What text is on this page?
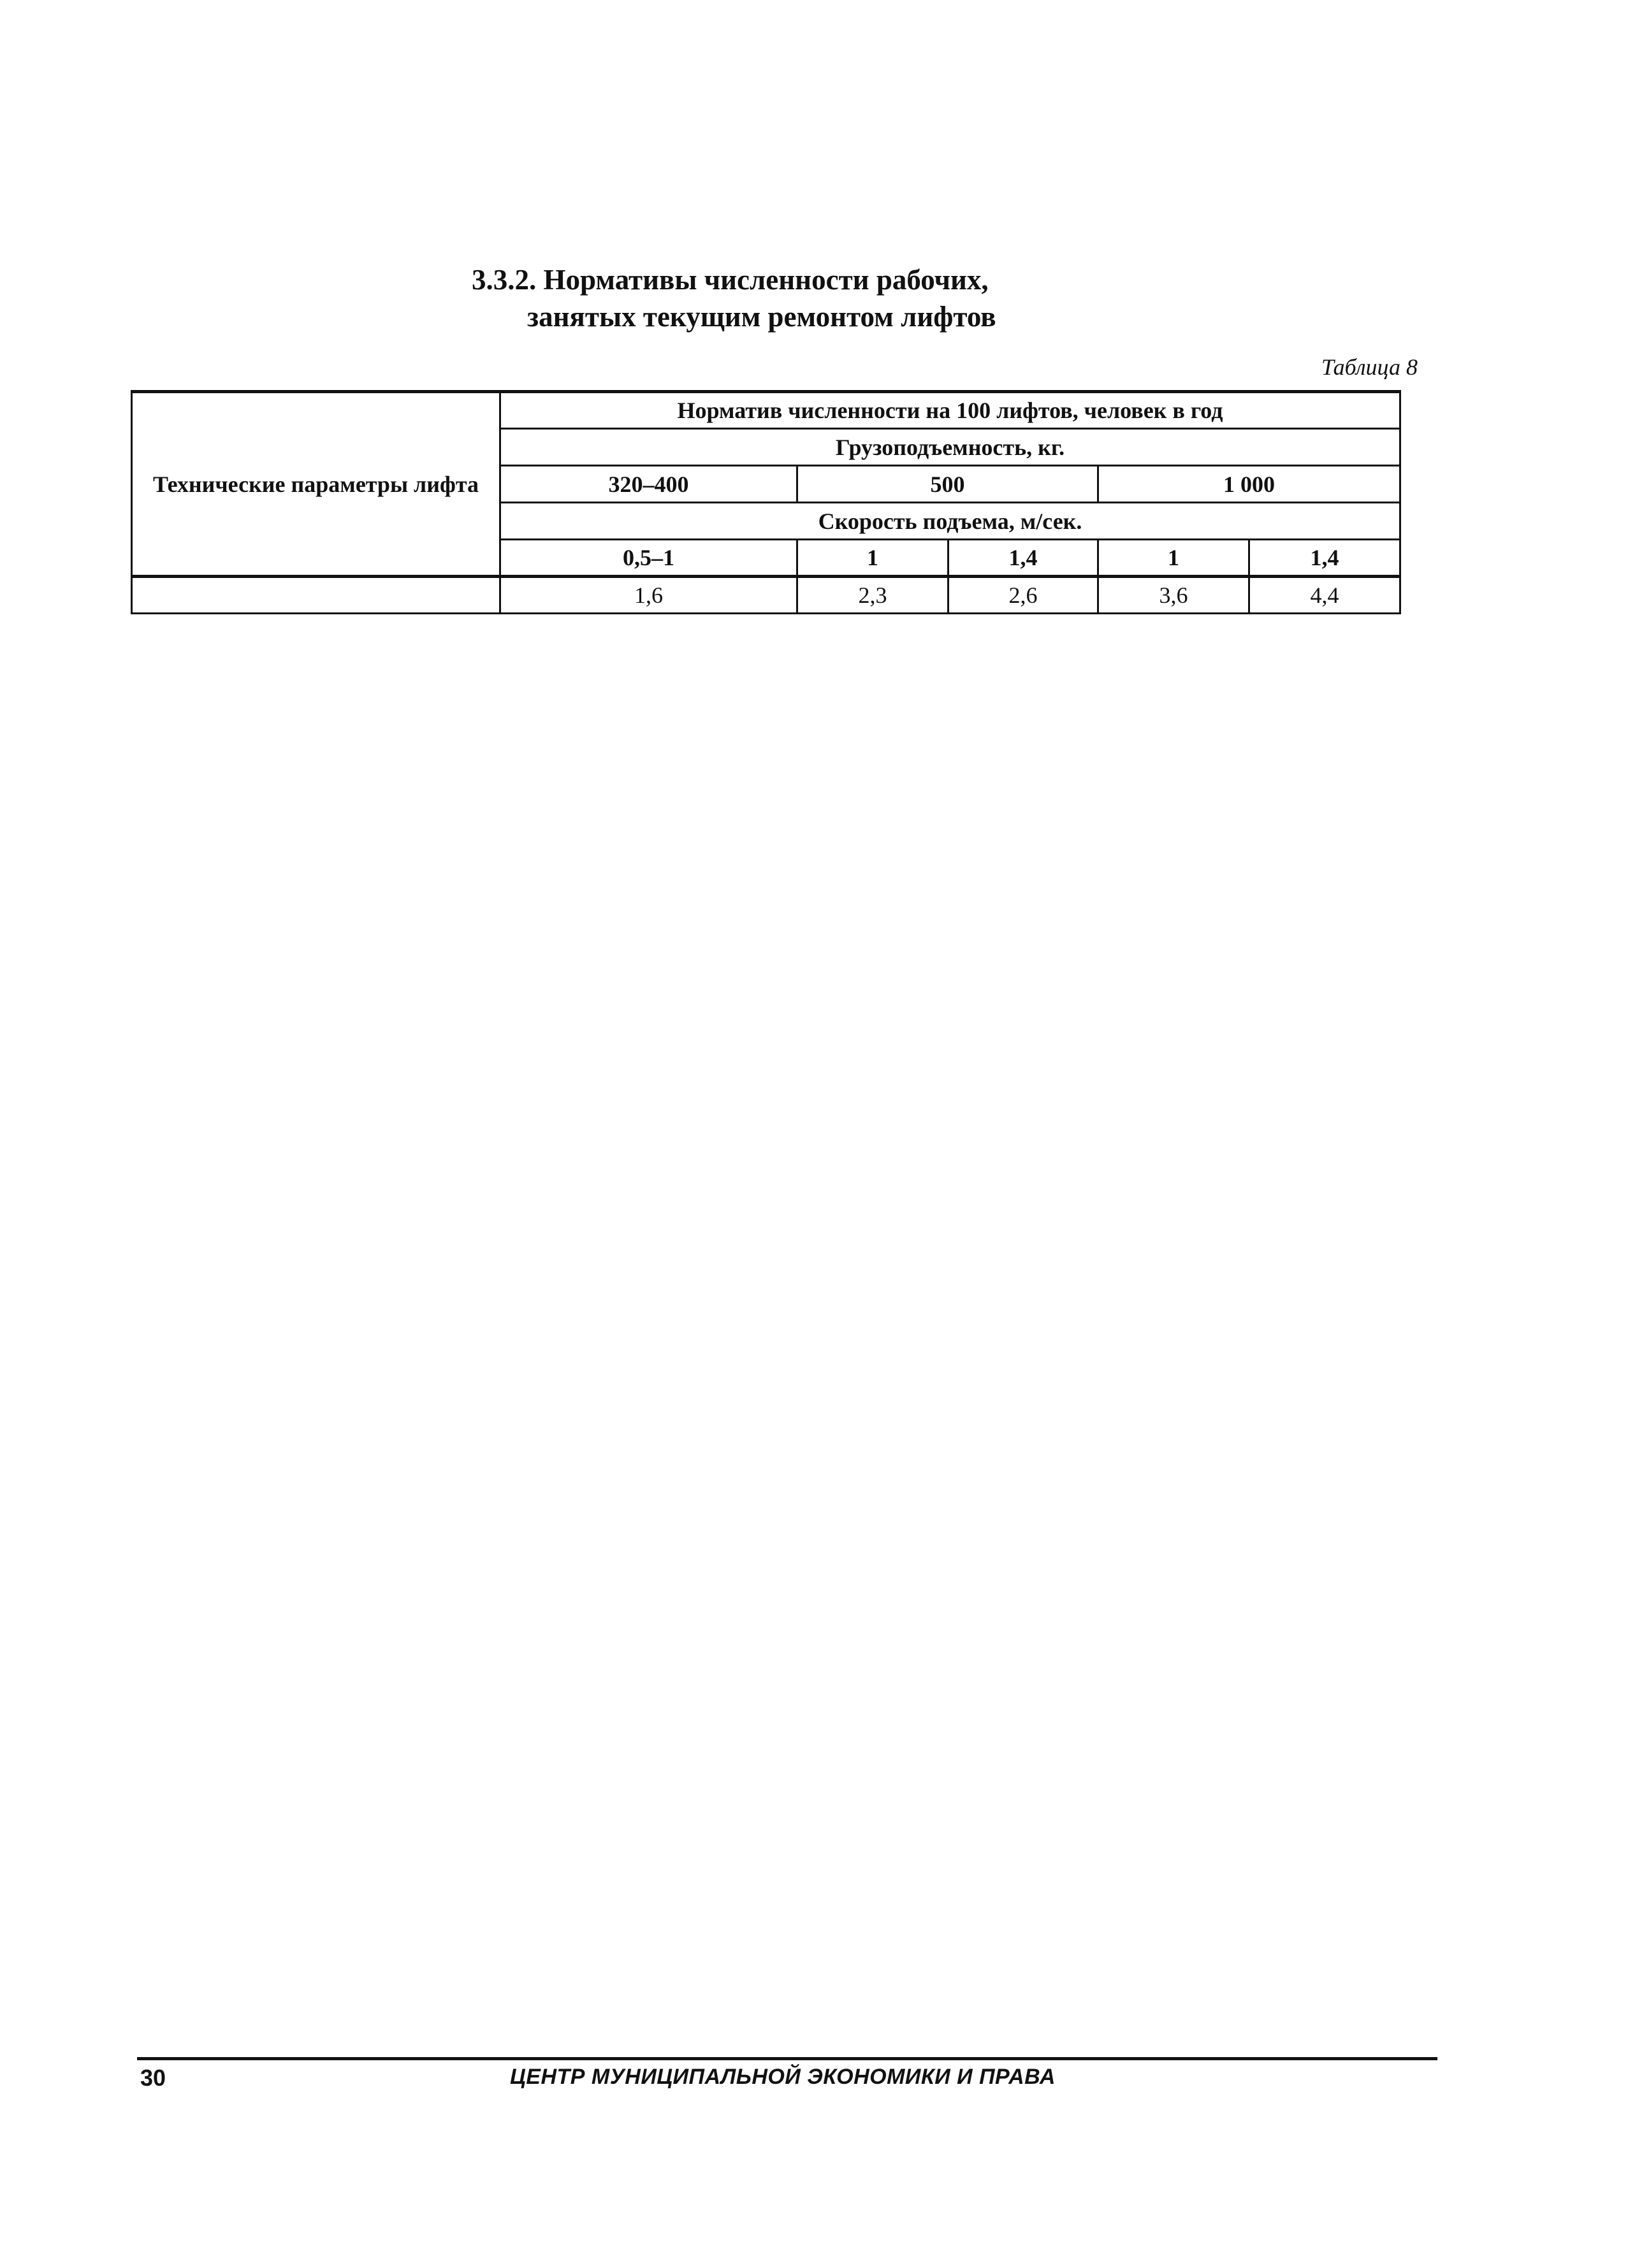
3.3.2. Нормативы численности рабочих,
занятых текущим ремонтом лифтов
Таблица 8
Технические параметры лифта	Норматив численности на 100 лифтов, человек в год				
	Грузоподъемность, кг.				
	320–400	500		1 000	
	Скорость подъема, м/сек.				
	0,5–1	1	1,4	1	1,4
	1,6	2,3	2,6	3,6	4,4
30	ЦЕНТР МУНИЦИПАЛЬНОЙ ЭКОНОМИКИ И ПРАВА
